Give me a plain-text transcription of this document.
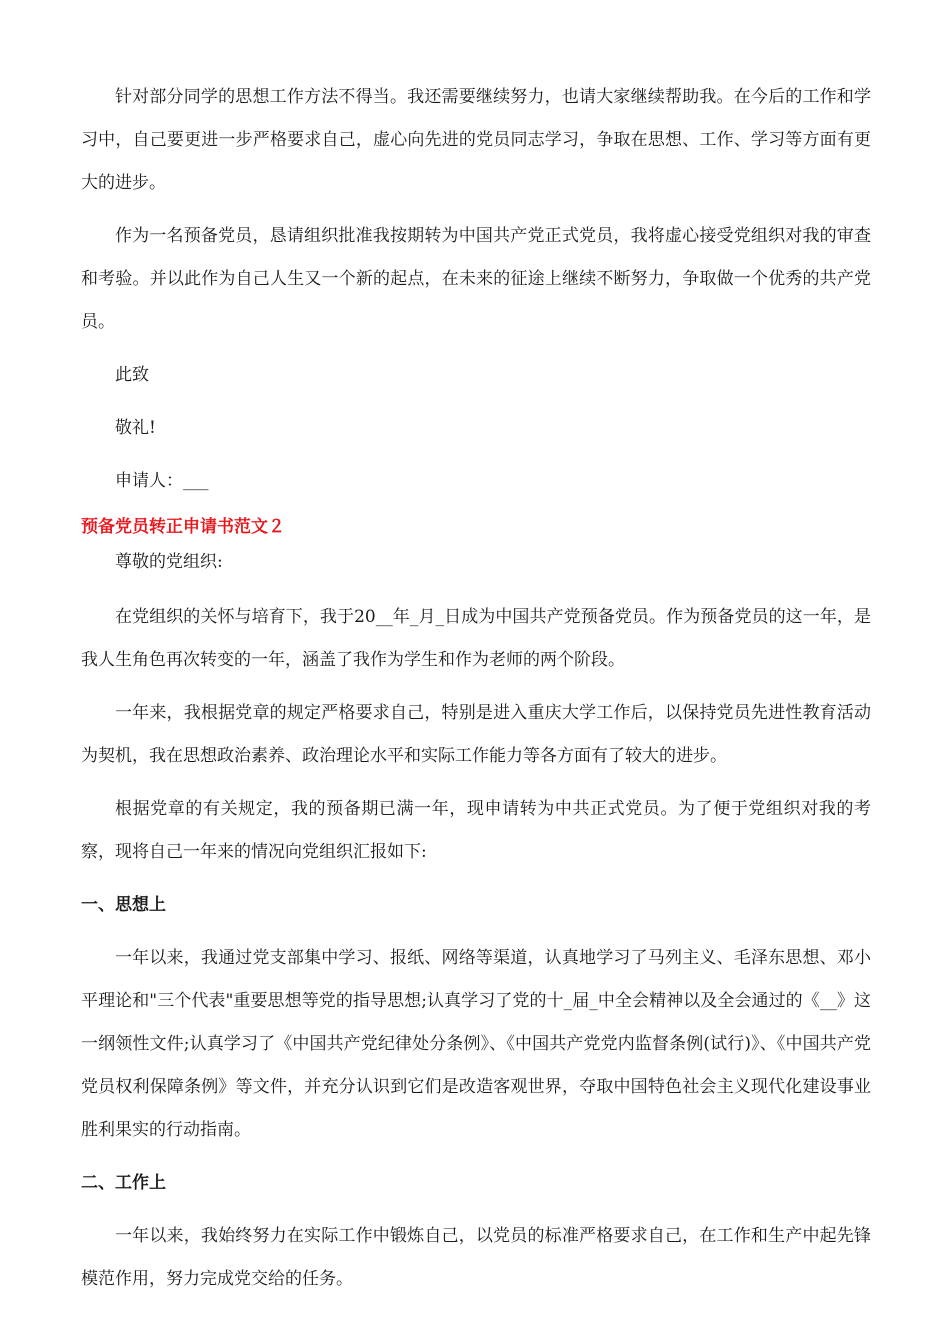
针对部分同学的思想工作方法不得当。我还需要继续努力，也请大家继续帮助我。在今后的工作和学习中，自己要更进一步严格要求自己，虚心向先进的党员同志学习，争取在思想、工作、学习等方面有更大的进步。

作为一名预备党员，恳请组织批准我按期转为中国共产党正式党员，我将虚心接受党组织对我的审查和考验。并以此作为自己人生又一个新的起点，在未来的征途上继续不断努力，争取做一个优秀的共产党员。

此致

敬礼!

申请人：___

预备党员转正申请书范文２

尊敬的党组织:

在党组织的关怀与培育下，我于20__年_月_日成为中国共产党预备党员。作为预备党员的这一年，是我人生角色再次转变的一年，涵盖了我作为学生和作为老师的两个阶段。

一年来，我根据党章的规定严格要求自己，特别是进入重庆大学工作后，以保持党员先进性教育活动为契机，我在思想政治素养、政治理论水平和实际工作能力等各方面有了较大的进步。

根据党章的有关规定，我的预备期已满一年，现申请转为中共正式党员。为了便于党组织对我的考察，现将自己一年来的情况向党组织汇报如下:

一、思想上

一年以来，我通过党支部集中学习、报纸、网络等渠道，认真地学习了马列主义、毛泽东思想、邓小平理论和"三个代表"重要思想等党的指导思想;认真学习了党的十_届_中全会精神以及全会通过的《__》这一纲领性文件;认真学习了《中国共产党纪律处分条例》、《中国共产党党内监督条例(试行)》、《中国共产党党员权利保障条例》等文件，并充分认识到它们是改造客观世界，夺取中国特色社会主义现代化建设事业胜利果实的行动指南。

二、工作上

一年以来，我始终努力在实际工作中锻炼自己，以党员的标准严格要求自己，在工作和生产中起先锋模范作用，努力完成党交给的任务。
